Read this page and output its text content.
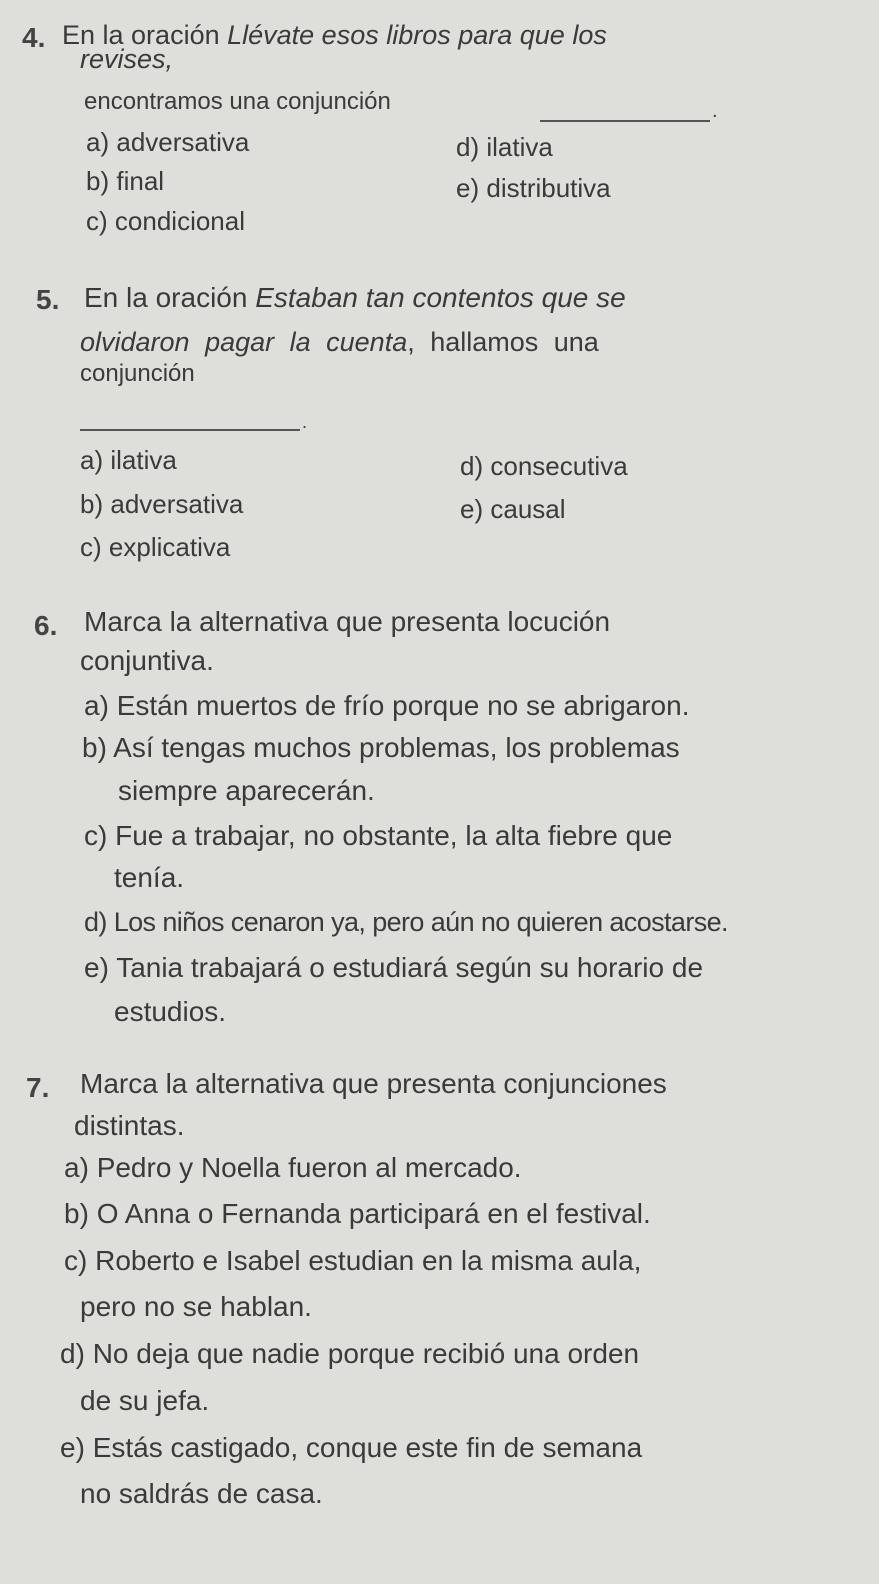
4. En la oración Llévate esos libros para que los
revises,
encontramos una conjunción	.
a) adversativa
b) final
c) condicional
d) ilativa
e) distributiva
5. En la oración Estaban tan contentos que se
olvidaron pagar la cuenta, hallamos una
conjunción
.
a) ilativa
b) adversativa
c) explicativa
d) consecutiva
e) causal
6. Marca la alternativa que presenta locución
conjuntiva.
a) Están muertos de frío porque no se abrigaron.
b) Así tengas muchos problemas, los problemas
siempre aparecerán.
c) Fue a trabajar, no obstante, la alta fiebre que
tenía.
d) Los niños cenaron ya, pero aún no quieren acostarse.
e) Tania trabajará o estudiará según su horario de
estudios.
7. Marca la alternativa que presenta conjunciones
distintas.
a) Pedro y Noella fueron al mercado.
b) O Anna o Fernanda participará en el festival.
c) Roberto e Isabel estudian en la misma aula,
pero no se hablan.
d) No deja que nadie porque recibió una orden
de su jefa.
e) Estás castigado, conque este fin de semana
no saldrás de casa.
